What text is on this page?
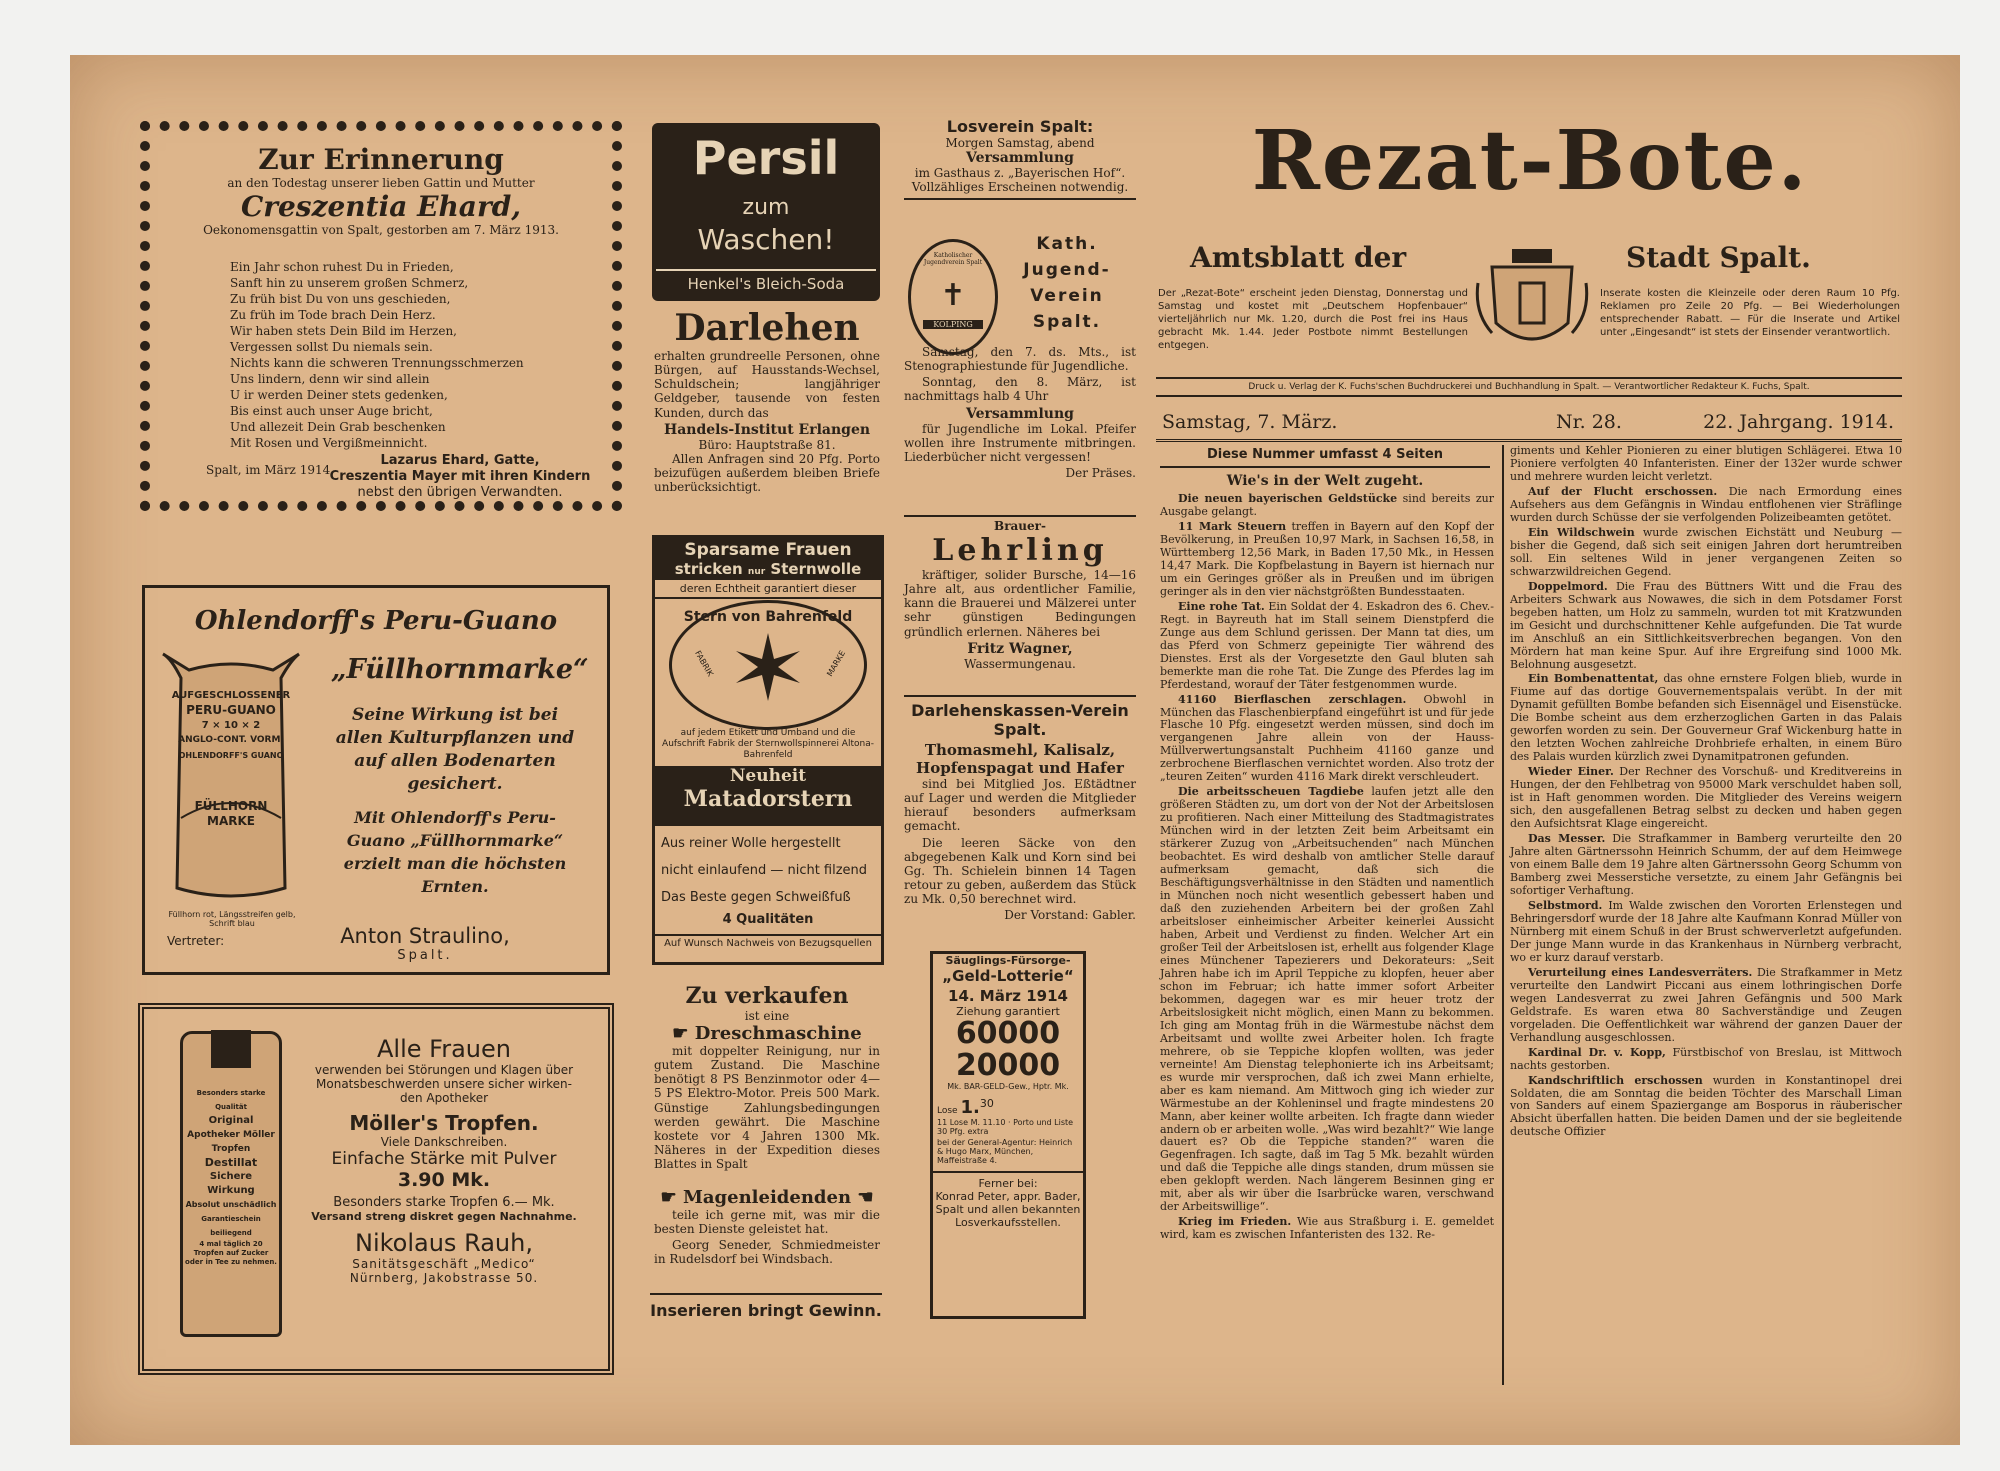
Zur Erinnerung
an den Todestag unserer lieben Gattin und Mutter
Creszentia Ehard,
Oekonomensgattin von Spalt, gestorben am 7. März 1913.
Ein Jahr schon ruhest Du in Frieden,
Sanft hin zu unserem großen Schmerz,
Zu früh bist Du von uns geschieden,
Zu früh im Tode brach Dein Herz.
Wir haben stets Dein Bild im Herzen,
Vergessen sollst Du niemals sein.
Nichts kann die schweren Trennungsschmerzen
Uns lindern, denn wir sind allein
U ir werden Deiner stets gedenken,
Bis einst auch unser Auge bricht,
Und allezeit Dein Grab beschenken
Mit Rosen und Vergißmeinnicht.
Spalt, im März 1914.
Lazarus Ehard, Gatte,
Creszentia Mayer mit ihren Kindern
nebst den übrigen Verwandten.
Ohlendorff's Peru-Guano
„Füllhornmarke“
AUFGESCHLOSSENER
PERU-GUANO
7 × 10 × 2
ANGLO-CONT. VORM.
OHLENDORFF'S GUANO
FÜLLHORN
MARKE
Füllhorn rot, Längsstreifen gelb, Schrift blau
Seine Wirkung ist bei allen Kulturpflanzen und auf allen Bodenarten gesichert.
Mit Ohlendorff's Peru-Guano „Füllhornmarke“ erzielt man die höchsten Ernten.
Vertreter:	Anton Straulino,
Spalt.
Besonders starke Qualität
Original
Apotheker Möller Tropfen
Destillat
Sichere Wirkung
Absolut unschädlich
Garantieschein beiliegend
4 mal täglich 20 Tropfen auf Zucker oder in Tee zu nehmen.
Alle Frauen
verwenden bei Störungen und Klagen über
Monatsbeschwerden unsere sicher wirken-
den Apotheker
Möller's Tropfen.
Viele Dankschreiben.
Einfache Stärke mit Pulver
3.90 Mk.
Besonders starke Tropfen 6.— Mk.
Versand streng diskret gegen Nachnahme.
Nikolaus Rauh,
Sanitätsgeschäft „Medico“
Nürnberg, Jakobstrasse 50.
Persil
zum
Waschen!
Henkel's Bleich-Soda
Darlehen

erhalten grundreelle Personen, ohne Bürgen, auf Hausstands-Wechsel, Schuldschein; langjähriger Geldgeber, tausende von festen Kunden, durch das

Handels-Institut Erlangen
Büro: Hauptstraße 81.

Allen Anfragen sind 20 Pfg. Porto beizufügen außerdem bleiben Briefe unberücksichtigt.

Sparsame Frauen
stricken nur Sternwolle
deren Echtheit garantiert dieser
Stern von Bahrenfeld
FABRIK	MARKE
auf jedem Etikett und Umband und die Aufschrift Fabrik der Sternwollspinnerei Altona-Bahrenfeld
Neuheit
Matadorstern
Aus reiner Wolle hergestellt
nicht einlaufend — nicht filzend
Das Beste gegen Schweißfuß
4 Qualitäten
Auf Wunsch Nachweis von Bezugsquellen
Zu verkaufen
ist eine
☛ Dreschmaschine

mit doppelter Reinigung, nur in gutem Zustand. Die Maschine benötigt 8 PS Benzinmotor oder 4—5 PS Elektro-Motor. Preis 500 Mark. Günstige Zahlungsbedingungen werden gewährt. Die Maschine kostete vor 4 Jahren 1300 Mk. Näheres in der Expedition dieses Blattes in Spalt

☛ Magenleidenden ☚

teile ich gerne mit, was mir die besten Dienste geleistet hat.

Georg Seneder, Schmiedmeister in Rudelsdorf bei Windsbach.

Inserieren bringt Gewinn.
Losverein Spalt:
Morgen Samstag, abend
Versammlung
im Gasthaus z. „Bayerischen Hof“.
Vollzähliges Erscheinen notwendig.
Katholischer Jugendverein Spalt
✝
KOLPING
Kath.
Jugend-
Verein
Spalt.

Samstag, den 7. ds. Mts., ist Stenographiestunde für Jugendliche.

Sonntag, den 8. März, ist nachmittags halb 4 Uhr

Versammlung

für Jugendliche im Lokal. Pfeifer wollen ihre Instrumente mitbringen. Liederbücher nicht vergessen!

Der Präses.
Brauer-
Lehrling

kräftiger, solider Bursche, 14—16 Jahre alt, aus ordentlicher Familie, kann die Brauerei und Mälzerei unter sehr günstigen Bedingungen gründlich erlernen. Näheres bei

Fritz Wagner,
Wassermungenau.
Darlehenskassen-Verein Spalt.
Thomasmehl, Kalisalz, Hopfenspagat und Hafer

sind bei Mitglied Jos. Eßtädtner auf Lager und werden die Mitglieder hierauf besonders aufmerksam gemacht.

Die leeren Säcke von den abgegebenen Kalk und Korn sind bei Gg. Th. Schielein binnen 14 Tagen retour zu geben, außerdem das Stück zu Mk. 0,50 berechnet wird.

Der Vorstand: Gabler.
Säuglings-Fürsorge-
„Geld-Lotterie“
14. März 1914
Ziehung garantiert
60000
20000
Mk. BAR-GELD-Gew., Hptr. Mk.
Lose 1.30
11 Lose M. 11.10 · Porto und Liste 30 Pfg. extra
bei der General-Agentur: Heinrich & Hugo Marx, München, Maffeistraße 4.
Ferner bei:
Konrad Peter, appr. Bader, Spalt und allen bekannten Losverkaufsstellen.
Rezat-Bote.
Amtsblatt der	Stadt Spalt.
Der „Rezat-Bote“ erscheint jeden Dienstag, Donnerstag und Samstag und kostet mit „Deutschem Hopfenbauer“ vierteljährlich nur Mk. 1.20, durch die Post frei ins Haus gebracht Mk. 1.44. Jeder Postbote nimmt Bestellungen entgegen.
Inserate kosten die Kleinzeile oder deren Raum 10 Pfg. Reklamen pro Zeile 20 Pfg. — Bei Wiederholungen entsprechender Rabatt. — Für die Inserate und Artikel unter „Eingesandt“ ist stets der Einsender verantwortlich.
Druck u. Verlag der K. Fuchs'schen Buchdruckerei und Buchhandlung in Spalt. — Verantwortlicher Redakteur K. Fuchs, Spalt.
Samstag, 7. März.	Nr. 28.	22. Jahrgang. 1914.
Diese Nummer umfasst 4 Seiten
Wie's in der Welt zugeht.

Die neuen bayerischen Geldstücke sind bereits zur Ausgabe gelangt.

11 Mark Steuern treffen in Bayern auf den Kopf der Bevölkerung, in Preußen 10,97 Mark, in Sachsen 16,58, in Württemberg 12,56 Mark, in Baden 17,50 Mk., in Hessen 14,47 Mark. Die Kopfbelastung in Bayern ist hiernach nur um ein Geringes größer als in Preußen und im übrigen geringer als in den vier nächstgrößten Bundesstaaten.

Eine rohe Tat. Ein Soldat der 4. Eskadron des 6. Chev.-Regt. in Bayreuth hat im Stall seinem Dienstpferd die Zunge aus dem Schlund gerissen. Der Mann tat dies, um das Pferd von Schmerz gepeinigte Tier während des Dienstes. Erst als der Vorgesetzte den Gaul bluten sah bemerkte man die rohe Tat. Die Zunge des Pferdes lag im Pferdestand, worauf der Täter festgenommen wurde.

41160 Bierflaschen zerschlagen. Obwohl in München das Flaschenbierpfand eingeführt ist und für jede Flasche 10 Pfg. eingesetzt werden müssen, sind doch im vergangenen Jahre allein von der Hauss-Müllverwertungsanstalt Puchheim 41160 ganze und zerbrochene Bierflaschen vernichtet worden. Also trotz der „teuren Zeiten“ wurden 4116 Mark direkt verschleudert.

Die arbeitsscheuen Tagdiebe laufen jetzt alle den größeren Städten zu, um dort von der Not der Arbeitslosen zu profitieren. Nach einer Mitteilung des Stadtmagistrates München wird in der letzten Zeit beim Arbeitsamt ein stärkerer Zuzug von „Arbeitsuchenden“ nach München beobachtet. Es wird deshalb von amtlicher Stelle darauf aufmerksam gemacht, daß sich die Beschäftigungsverhältnisse in den Städten und namentlich in München noch nicht wesentlich gebessert haben und daß den zuziehenden Arbeitern bei der großen Zahl arbeitsloser einheimischer Arbeiter keinerlei Aussicht haben, Arbeit und Verdienst zu finden. Welcher Art ein großer Teil der Arbeitslosen ist, erhellt aus folgender Klage eines Münchener Tapezierers und Dekorateurs: „Seit Jahren habe ich im April Teppiche zu klopfen, heuer aber schon im Februar; ich hatte immer sofort Arbeiter bekommen, dagegen war es mir heuer trotz der Arbeitslosigkeit nicht möglich, einen Mann zu bekommen. Ich ging am Montag früh in die Wärmestube nächst dem Arbeitsamt und wollte zwei Arbeiter holen. Ich fragte mehrere, ob sie Teppiche klopfen wollten, was jeder verneinte! Am Dienstag telephonierte ich ins Arbeitsamt; es wurde mir versprochen, daß ich zwei Mann erhielte, aber es kam niemand. Am Mittwoch ging ich wieder zur Wärmestube an der Kohleninsel und fragte mindestens 20 Mann, aber keiner wollte arbeiten. Ich fragte dann wieder andern ob er arbeiten wolle. „Was wird bezahlt?“ Wie lange dauert es? Ob die Teppiche standen?“ waren die Gegenfragen. Ich sagte, daß im Tag 5 Mk. bezahlt würden und daß die Teppiche alle dings standen, drum müssen sie eben geklopft werden. Nach längerem Besinnen ging er mit, aber als wir über die Isarbrücke waren, verschwand der Arbeitswillige“.

Krieg im Frieden. Wie aus Straßburg i. E. gemeldet wird, kam es zwischen Infanteristen des 132. Re-

giments und Kehler Pionieren zu einer blutigen Schlägerei. Etwa 10 Pioniere verfolgten 40 Infanteristen. Einer der 132er wurde schwer und mehrere wurden leicht verletzt.

Auf der Flucht erschossen. Die nach Ermordung eines Aufsehers aus dem Gefängnis in Windau entflohenen vier Sträflinge wurden durch Schüsse der sie verfolgenden Polizeibeamten getötet.

Ein Wildschwein wurde zwischen Eichstätt und Neuburg — bisher die Gegend, daß sich seit einigen Jahren dort herumtreiben soll. Ein seltenes Wild in jener vergangenen Zeiten so schwarzwildreichen Gegend.

Doppelmord. Die Frau des Büttners Witt und die Frau des Arbeiters Schwark aus Nowawes, die sich in dem Potsdamer Forst begeben hatten, um Holz zu sammeln, wurden tot mit Kratzwunden im Gesicht und durchschnittener Kehle aufgefunden. Die Tat wurde im Anschluß an ein Sittlichkeitsverbrechen begangen. Von den Mördern hat man keine Spur. Auf ihre Ergreifung sind 1000 Mk. Belohnung ausgesetzt.

Ein Bombenattentat, das ohne ernstere Folgen blieb, wurde in Fiume auf das dortige Gouvernementspalais verübt. In der mit Dynamit gefüllten Bombe befanden sich Eisennägel und Eisenstücke. Die Bombe scheint aus dem erzherzoglichen Garten in das Palais geworfen worden zu sein. Der Gouverneur Graf Wickenburg hatte in den letzten Wochen zahlreiche Drohbriefe erhalten, in einem Büro des Palais wurden kürzlich zwei Dynamitpatronen gefunden.

Wieder Einer. Der Rechner des Vorschuß- und Kreditvereins in Hungen, der den Fehlbetrag von 95000 Mark verschuldet haben soll, ist in Haft genommen worden. Die Mitglieder des Vereins weigern sich, den ausgefallenen Betrag selbst zu decken und haben gegen den Aufsichtsrat Klage eingereicht.

Das Messer. Die Strafkammer in Bamberg verurteilte den 20 Jahre alten Gärtnerssohn Heinrich Schumm, der auf dem Heimwege von einem Balle dem 19 Jahre alten Gärtnerssohn Georg Schumm von Bamberg zwei Messerstiche versetzte, zu einem Jahr Gefängnis bei sofortiger Verhaftung.

Selbstmord. Im Walde zwischen den Vororten Erlenstegen und Behringersdorf wurde der 18 Jahre alte Kaufmann Konrad Müller von Nürnberg mit einem Schuß in der Brust schwerverletzt aufgefunden. Der junge Mann wurde in das Krankenhaus in Nürnberg verbracht, wo er kurz darauf verstarb.

Verurteilung eines Landesverräters. Die Strafkammer in Metz verurteilte den Landwirt Piccani aus einem lothringischen Dorfe wegen Landesverrat zu zwei Jahren Gefängnis und 500 Mark Geldstrafe. Es waren etwa 80 Sachverständige und Zeugen vorgeladen. Die Oeffentlichkeit war während der ganzen Dauer der Verhandlung ausgeschlossen.

Kardinal Dr. v. Kopp, Fürstbischof von Breslau, ist Mittwoch nachts gestorben.

Kandschriftlich erschossen wurden in Konstantinopel drei Soldaten, die am Sonntag die beiden Töchter des Marschall Liman von Sanders auf einem Spaziergange am Bosporus in räuberischer Absicht überfallen hatten. Die beiden Damen und der sie begleitende deutsche Offizier
